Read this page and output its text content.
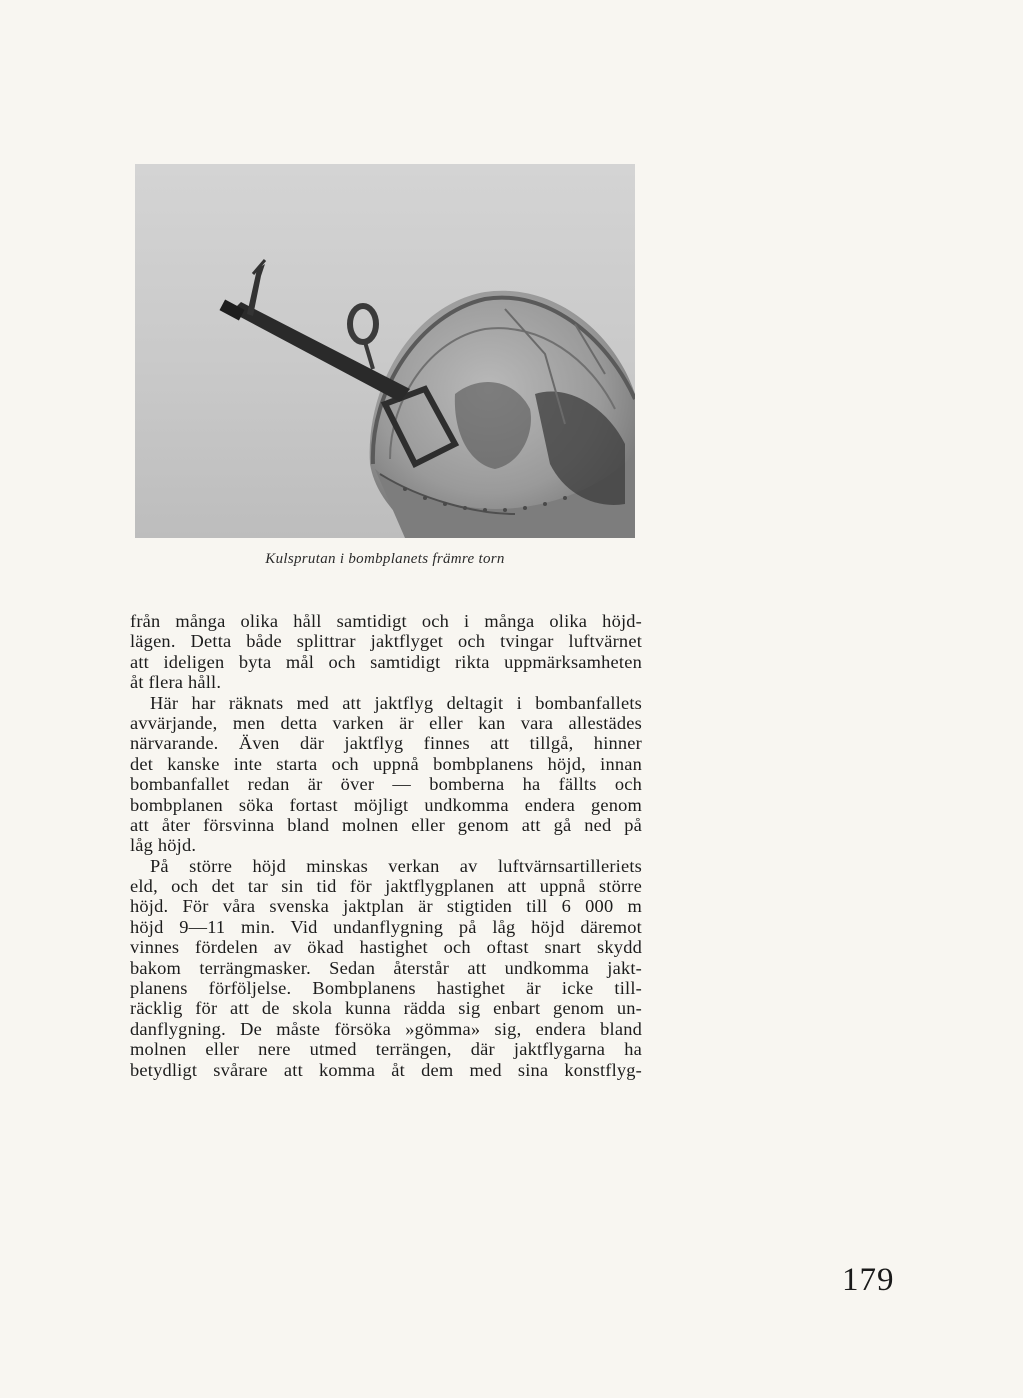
Kulsprutan i bombplanets främre torn
från många olika håll samtidigt och i många olika höjd-
lägen. Detta både splittrar jaktflyget och tvingar luftvärnet
att ideligen byta mål och samtidigt rikta uppmärksamheten
åt flera håll.
Här har räknats med att jaktflyg deltagit i bombanfallets
avvärjande, men detta varken är eller kan vara allestädes
närvarande. Även där jaktflyg finnes att tillgå, hinner
det kanske inte starta och uppnå bombplanens höjd, innan
bombanfallet redan är över — bomberna ha fällts och
bombplanen söka fortast möjligt undkomma endera genom
att åter försvinna bland molnen eller genom att gå ned på
låg höjd.
På större höjd minskas verkan av luftvärnsartilleriets
eld, och det tar sin tid för jaktflygplanen att uppnå större
höjd. För våra svenska jaktplan är stigtiden till 6 000 m
höjd 9—11 min. Vid undanflygning på låg höjd däremot
vinnes fördelen av ökad hastighet och oftast snart skydd
bakom terrängmasker. Sedan återstår att undkomma jakt-
planens förföljelse. Bombplanens hastighet är icke till-
räcklig för att de skola kunna rädda sig enbart genom un-
danflygning. De måste försöka »gömma» sig, endera bland
molnen eller nere utmed terrängen, där jaktflygarna ha
betydligt svårare att komma åt dem med sina konstflyg-
179
